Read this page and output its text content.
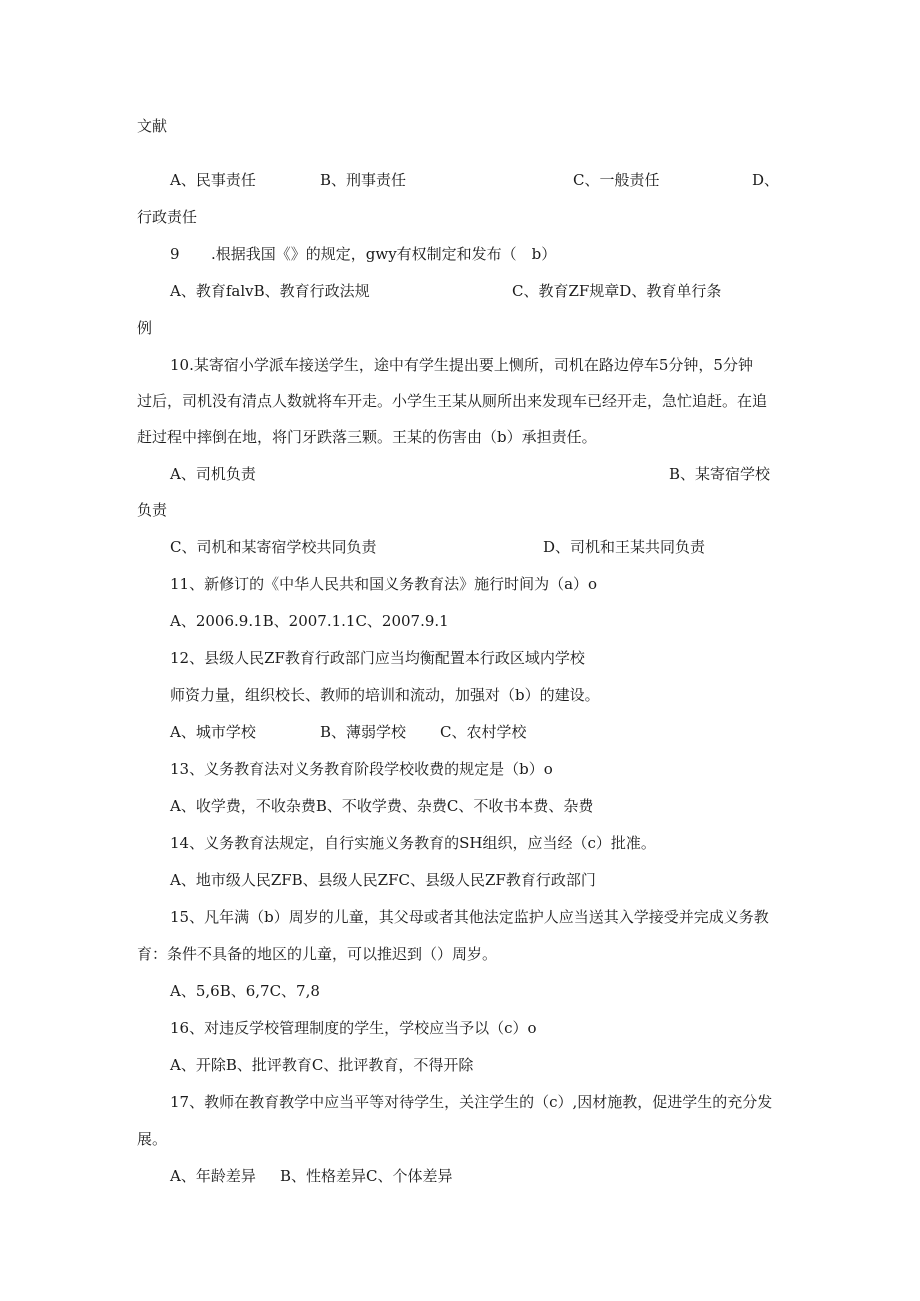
文献
A、民事责任	B、刑事责任	C、一般责任	D、
行政责任
9 .根据我国《》的规定，gwy有权制定和发布（　b）
A、教育falvB、教育行政法规	C、教育ZF规章D、教育单行条
例
10.某寄宿小学派车接送学生，途中有学生提出要上恻所，司机在路边停车5分钟，5分钟
过后，司机没有清点人数就将车开走。小学生王某从厕所出来发现车已经开走，急忙追赶。在追
赶过程中摔倒在地，将门牙跌落三颗。王某的伤害由（b）承担责任。
A、司机负责	B、某寄宿学校
负责
C、司机和某寄宿学校共同负责	D、司机和王某共同负责
11、新修订的《中华人民共和国义务教育法》施行时间为（a）o
A、2006.9.1B、2007.1.1C、2007.9.1
12、县级人民ZF教育行政部门应当均衡配置本行政区域内学校
师资力量，组织校长、教师的培训和流动，加强对（b）的建设。
A、城市学校	B、薄弱学校 C、农村学校
13、义务教育法对义务教育阶段学校收费的规定是（b）o
A、收学费，不收杂费B、不收学费、杂费C、不收书本费、杂费
14、义务教育法规定，自行实施义务教育的SH组织，应当经（c）批准。
A、地市级人民ZFB、县级人民ZFC、县级人民ZF教育行政部门
15、凡年满（b）周岁的儿童，其父母或者其他法定监护人应当送其入学接受并完成义务教
育：条件不具备的地区的儿童，可以推迟到（）周岁。
A、5,6B、6,7C、7,8
16、对违反学校管理制度的学生，学校应当予以（c）o
A、开除B、批评教育C、批评教育，不得开除
17、教师在教育教学中应当平等对待学生，关注学生的（c）,因材施教，促进学生的充分发
展。
A、年龄差异 B、性格差异C、个体差异
